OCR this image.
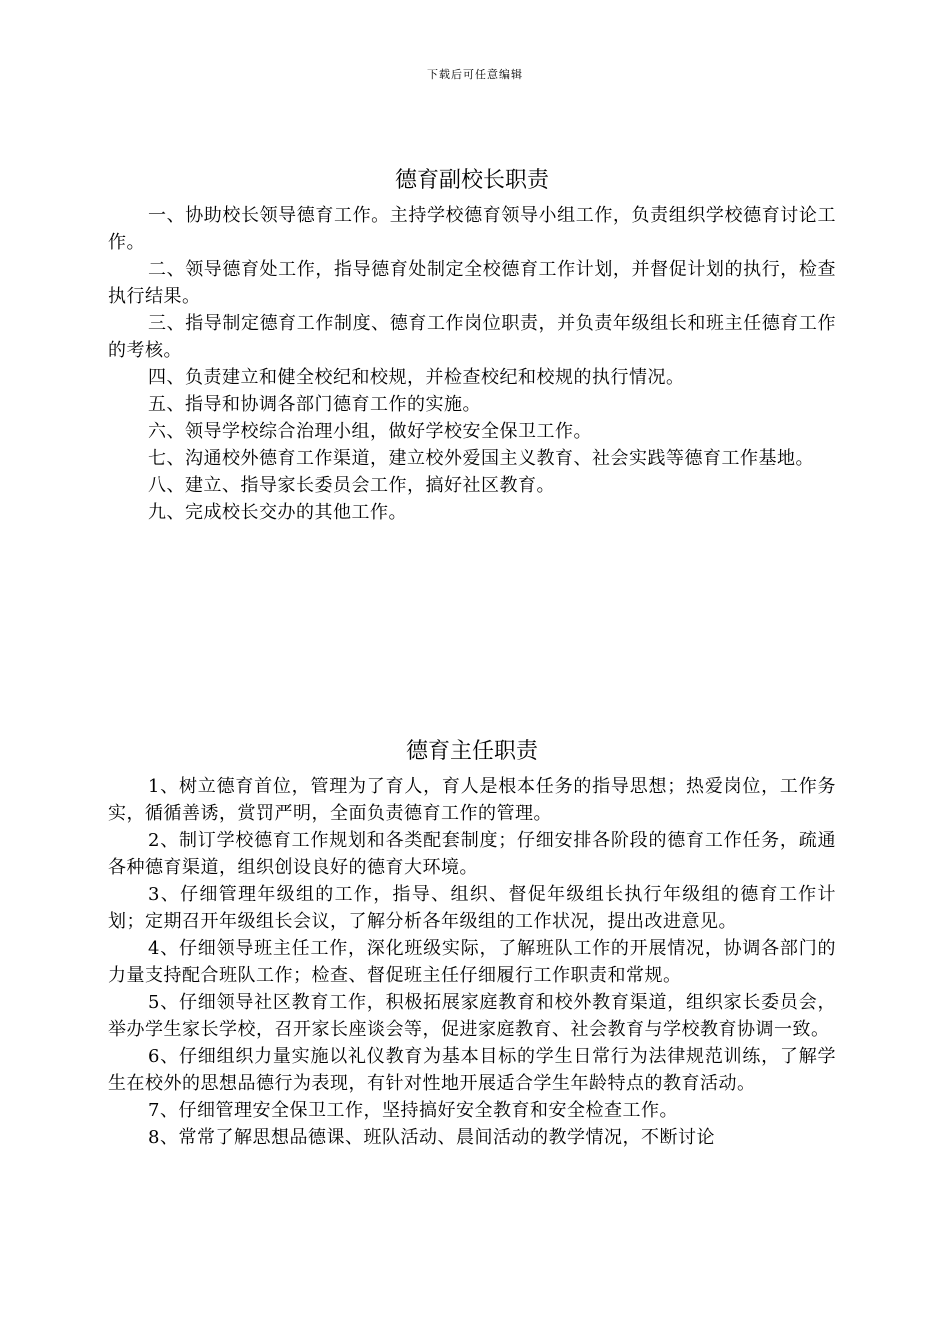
下载后可任意编辑
德育副校长职责

一、协助校长领导德育工作。主持学校德育领导小组工作，负责组织学校德育讨论工作。

二、领导德育处工作，指导德育处制定全校德育工作计划，并督促计划的执行，检查执行结果。

三、指导制定德育工作制度、德育工作岗位职责，并负责年级组长和班主任德育工作的考核。

四、负责建立和健全校纪和校规，并检查校纪和校规的执行情况。

五、指导和协调各部门德育工作的实施。

六、领导学校综合治理小组，做好学校安全保卫工作。

七、沟通校外德育工作渠道，建立校外爱国主义教育、社会实践等德育工作基地。

八、建立、指导家长委员会工作，搞好社区教育。

九、完成校长交办的其他工作。

德育主任职责

1、树立德育首位，管理为了育人，育人是根本任务的指导思想；热爱岗位，工作务实，循循善诱，赏罚严明，全面负责德育工作的管理。

2、制订学校德育工作规划和各类配套制度；仔细安排各阶段的德育工作任务，疏通各种德育渠道，组织创设良好的德育大环境。

3、仔细管理年级组的工作，指导、组织、督促年级组长执行年级组的德育工作计划；定期召开年级组长会议，了解分析各年级组的工作状况，提出改进意见。

4、仔细领导班主任工作，深化班级实际，了解班队工作的开展情况，协调各部门的力量支持配合班队工作；检查、督促班主任仔细履行工作职责和常规。

5、仔细领导社区教育工作，积极拓展家庭教育和校外教育渠道，组织家长委员会，举办学生家长学校，召开家长座谈会等，促进家庭教育、社会教育与学校教育协调一致。

6、仔细组织力量实施以礼仪教育为基本目标的学生日常行为法律规范训练，了解学生在校外的思想品德行为表现，有针对性地开展适合学生年龄特点的教育活动。

7、仔细管理安全保卫工作，坚持搞好安全教育和安全检查工作。

8、常常了解思想品德课、班队活动、晨间活动的教学情况，不断讨论
